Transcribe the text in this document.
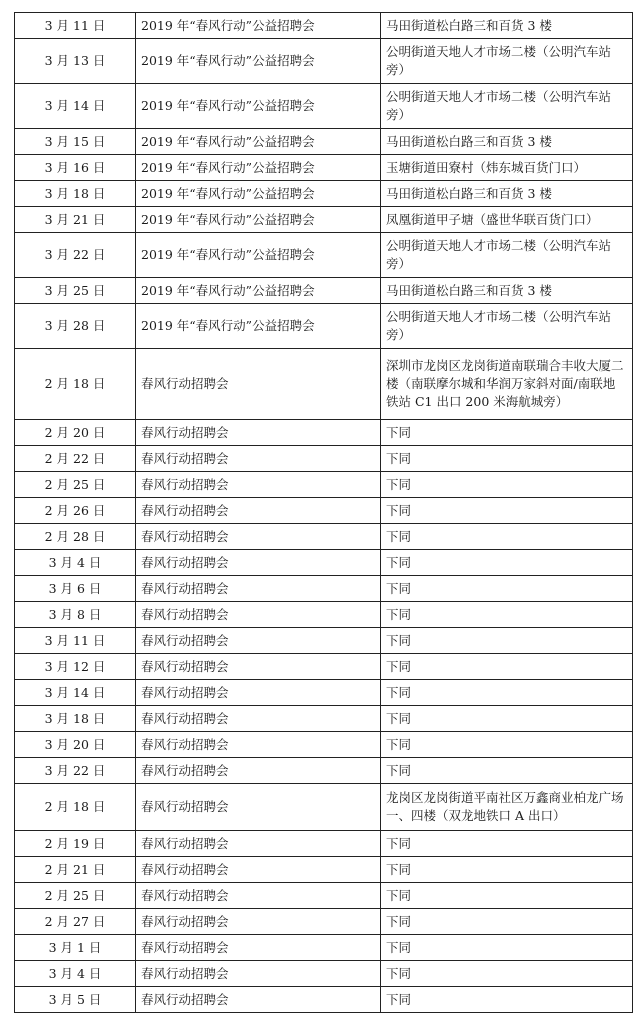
3 月 11 日	2019 年“春风行动”公益招聘会	马田街道松白路三和百货 3 楼
3 月 13 日	2019 年“春风行动”公益招聘会	公明街道天地人才市场二楼（公明汽车站旁）
3 月 14 日	2019 年“春风行动”公益招聘会	公明街道天地人才市场二楼（公明汽车站旁）
3 月 15 日	2019 年“春风行动”公益招聘会	马田街道松白路三和百货 3 楼
3 月 16 日	2019 年“春风行动”公益招聘会	玉塘街道田寮村（炜东城百货门口）
3 月 18 日	2019 年“春风行动”公益招聘会	马田街道松白路三和百货 3 楼
3 月 21 日	2019 年“春风行动”公益招聘会	凤凰街道甲子塘（盛世华联百货门口）
3 月 22 日	2019 年“春风行动”公益招聘会	公明街道天地人才市场二楼（公明汽车站旁）
3 月 25 日	2019 年“春风行动”公益招聘会	马田街道松白路三和百货 3 楼
3 月 28 日	2019 年“春风行动”公益招聘会	公明街道天地人才市场二楼（公明汽车站旁）
2 月 18 日	春风行动招聘会	深圳市龙岗区龙岗街道南联瑞合丰收大厦二楼（南联摩尔城和华润万家斜对面/南联地铁站 C1 出口 200 米海航城旁）
2 月 20 日	春风行动招聘会	下同
2 月 22 日	春风行动招聘会	下同
2 月 25 日	春风行动招聘会	下同
2 月 26 日	春风行动招聘会	下同
2 月 28 日	春风行动招聘会	下同
3 月 4 日	春风行动招聘会	下同
3 月 6 日	春风行动招聘会	下同
3 月 8 日	春风行动招聘会	下同
3 月 11 日	春风行动招聘会	下同
3 月 12 日	春风行动招聘会	下同
3 月 14 日	春风行动招聘会	下同
3 月 18 日	春风行动招聘会	下同
3 月 20 日	春风行动招聘会	下同
3 月 22 日	春风行动招聘会	下同
2 月 18 日	春风行动招聘会	龙岗区龙岗街道平南社区万鑫商业柏龙广场一、四楼（双龙地铁口 A 出口）
2 月 19 日	春风行动招聘会	下同
2 月 21 日	春风行动招聘会	下同
2 月 25 日	春风行动招聘会	下同
2 月 27 日	春风行动招聘会	下同
3 月 1 日	春风行动招聘会	下同
3 月 4 日	春风行动招聘会	下同
3 月 5 日	春风行动招聘会	下同
